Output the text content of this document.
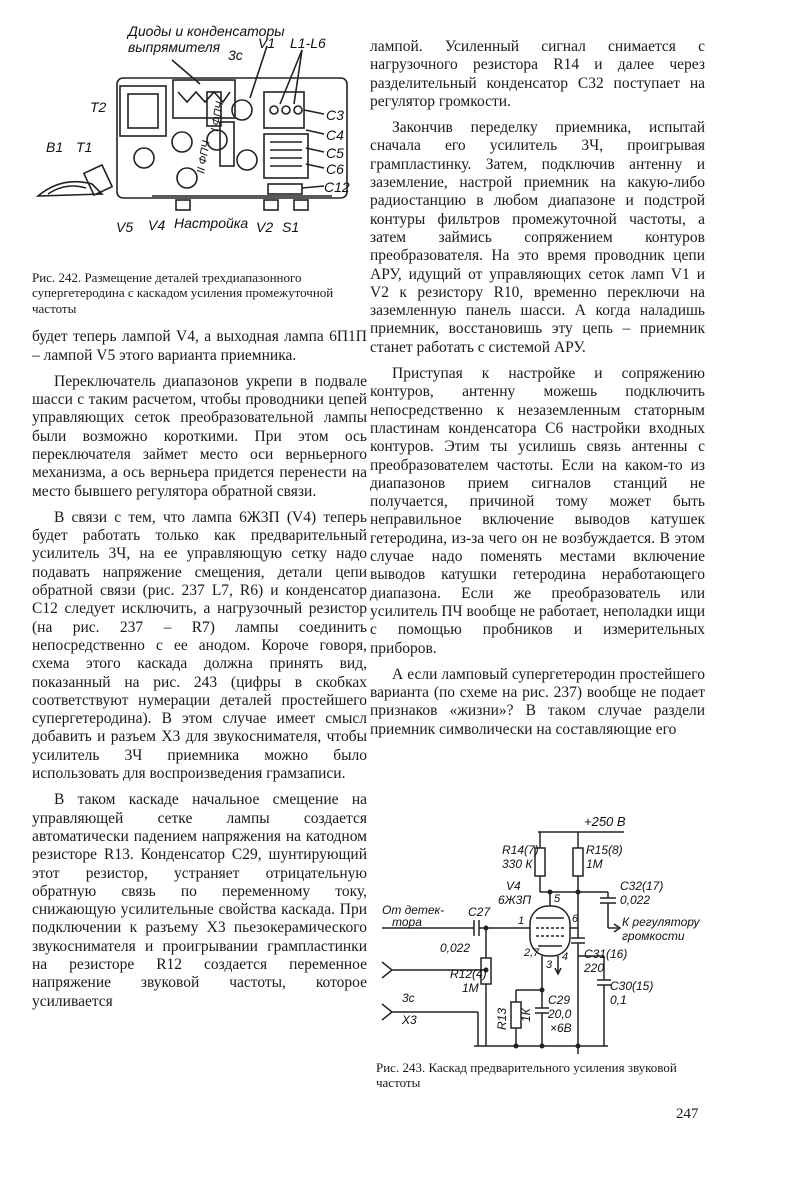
Диоды и конденсаторы
выпрямителя 3с
V1 L1-L6
T2	C3
C4
C5
C6
C12
B1 T1
I ФПЧ
II ФПЧ
V5 V4 Настройка V2 S1

Рис. 242. Размещение деталей трехдиапазонного супергетеродина с каскадом усиления промежуточной частоты

будет теперь лампой V4, а выходная лампа 6П1П – лампой V5 этого варианта приемника.

Переключатель диапазонов укрепи в подвале шасси с таким расчетом, чтобы проводники цепей управляющих сеток преобразовательной лампы были возможно короткими. При этом ось переключателя займет место оси верньерного механизма, а ось верньера придется перенести на место бывшего регулятора обратной связи.

В связи с тем, что лампа 6Ж3П (V4) теперь будет работать только как предварительный усилитель 3Ч, на ее управляющую сетку надо подавать напряжение смещения, детали цепи обратной связи (рис. 237 L7, R6) и конденсатор C12 следует исключить, а нагрузочный резистор (на рис. 237 – R7) лампы соединить непосредственно с ее анодом. Короче говоря, схема этого каскада должна принять вид, показанный на рис. 243 (цифры в скобках соответствуют нумерации деталей простейшего супергетеродина). В этом случае имеет смысл добавить и разъем X3 для звукоснимателя, чтобы усилитель 3Ч приемника можно было использовать для воспроизведения грамзаписи.

В таком каскаде начальное смещение на управляющей сетке лампы создается автоматически падением напряжения на катодном резисторе R13. Конденсатор C29, шунтирующий этот резистор, устраняет отрицательную обратную связь по переменному току, снижающую усилительные свойства каскада. При подключении к разъему X3 пьезокерамического звукоснимателя и проигрывании грампластинки на резисторе R12 создается переменное напряжение звуковой частоты, которое усиливается

лампой. Усиленный сигнал снимается с нагрузочного резистора R14 и далее через разделительный конденсатор C32 поступает на регулятор громкости.

Закончив переделку приемника, испытай сначала его усилитель 3Ч, проигрывая грампластинку. Затем, подключив антенну и заземление, настрой приемник на какую-либо радиостанцию в любом диапазоне и подстрой контуры фильтров промежуточной частоты, а затем займись сопряжением контуров преобразователя. На это время проводник цепи АРУ, идущий от управляющих сеток ламп V1 и V2 к резистору R10, временно переключи на заземленную панель шасси. А когда наладишь приемник, восстановишь эту цепь – приемник станет работать с системой АРУ.

Приступая к настройке и сопряжению контуров, антенну можешь подключить непосредственно к незаземленным статорным пластинам конденсатора C6 настройки входных контуров. Этим ты усилишь связь антенны с преобразователем частоты. Если на каком-то из диапазонов прием сигналов станций не получается, причиной тому может быть неправильное включение выводов катушек гетеродина, из-за чего он не возбуждается. В этом случае надо поменять местами включение выводов катушки гетеродина неработающего диапазона. Если же преобразователь или усилитель ПЧ вообще не работает, неполадки ищи с помощью пробников и измерительных приборов.

А если ламповый супергетеродин простейшего варианта (по схеме на рис. 237) вообще не подает признаков «жизни»? В таком случае раздели приемник символически на составляющие его

+250 В
R14(7)
330 К
R15(8)
1М
C32(17)
0,022
V4
6Ж3П
От детек-
тора
C27
0,022
К регулятору
громкости
R12(4)
1М
3с
X3	R13 1К
C29
20,0
×6В
C31(16)
220
C30(15)
0,1
5
6
1
2,7
3
4

Рис. 243. Каскад предварительного усиления звуковой частоты

247
